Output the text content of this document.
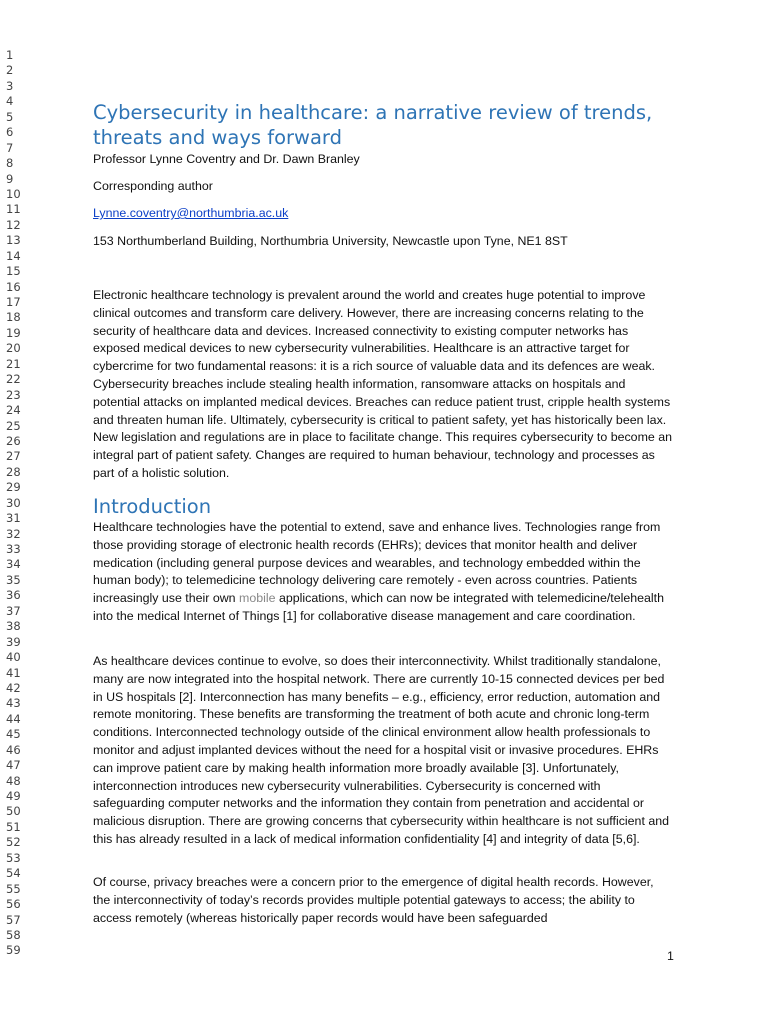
1
2
3
4
5
6
7
8
9
10
11
12
13
14
15
16
17
18
19
20
21
22
23
24
25
26
27
28
29
30
31
32
33
34
35
36
37
38
39
40
41
42
43
44
45
46
47
48
49
50
51
52
53
54
55
56
57
58
59
Cybersecurity in healthcare: a narrative review of trends, threats and ways forward
Professor Lynne Coventry and Dr. Dawn Branley
Corresponding author
Lynne.coventry@northumbria.ac.uk
153 Northumberland Building, Northumbria University, Newcastle upon Tyne, NE1 8ST

Electronic healthcare technology is prevalent around the world and creates huge potential to improve clinical outcomes and transform care delivery. However, there are increasing concerns relating to the security of healthcare data and devices. Increased connectivity to existing computer networks has exposed medical devices to new cybersecurity vulnerabilities. Healthcare is an attractive target for cybercrime for two fundamental reasons: it is a rich source of valuable data and its defences are weak. Cybersecurity breaches include stealing health information, ransomware attacks on hospitals and potential attacks on implanted medical devices. Breaches can reduce patient trust, cripple health systems and threaten human life. Ultimately, cybersecurity is critical to patient safety, yet has historically been lax. New legislation and regulations are in place to facilitate change. This requires cybersecurity to become an integral part of patient safety. Changes are required to human behaviour, technology and processes as part of a holistic solution.

Introduction

Healthcare technologies have the potential to extend, save and enhance lives. Technologies range from those providing storage of electronic health records (EHRs); devices that monitor health and deliver medication (including general purpose devices and wearables, and technology embedded within the human body); to telemedicine technology delivering care remotely - even across countries. Patients increasingly use their own mobile applications, which can now be integrated with telemedicine/telehealth into the medical Internet of Things [1] for collaborative disease management and care coordination.

As healthcare devices continue to evolve, so does their interconnectivity. Whilst traditionally standalone, many are now integrated into the hospital network. There are currently 10-15 connected devices per bed in US hospitals [2]. Interconnection has many benefits – e.g., efficiency, error reduction, automation and remote monitoring. These benefits are transforming the treatment of both acute and chronic long-term conditions. Interconnected technology outside of the clinical environment allow health professionals to monitor and adjust implanted devices without the need for a hospital visit or invasive procedures. EHRs can improve patient care by making health information more broadly available [3]. Unfortunately, interconnection introduces new cybersecurity vulnerabilities. Cybersecurity is concerned with safeguarding computer networks and the information they contain from penetration and accidental or malicious disruption. There are growing concerns that cybersecurity within healthcare is not sufficient and this has already resulted in a lack of medical information confidentiality [4] and integrity of data [5,6].

Of course, privacy breaches were a concern prior to the emergence of digital health records. However, the interconnectivity of today’s records provides multiple potential gateways to access; the ability to access remotely (whereas historically paper records would have been safeguarded

1
